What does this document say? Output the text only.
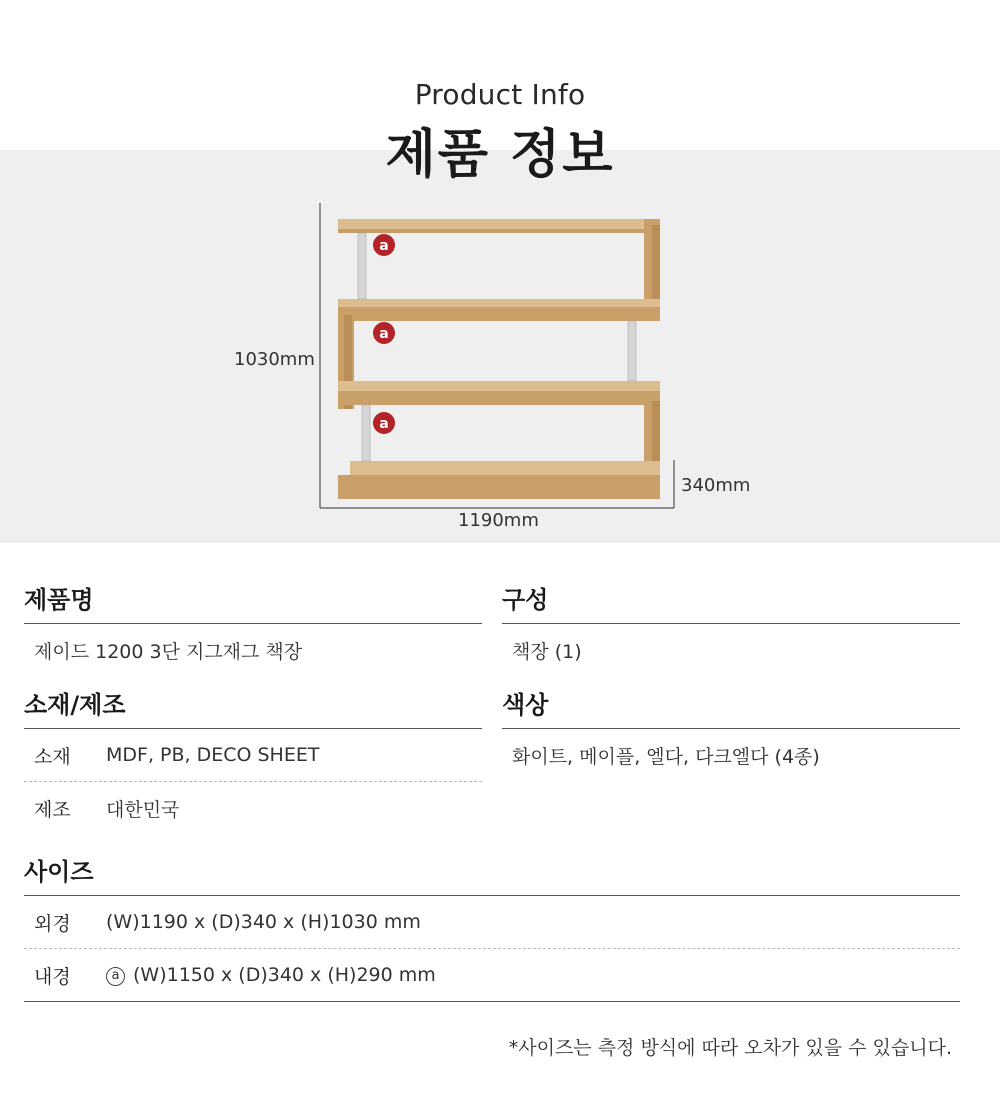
Product Info
제품 정보
a
a
a
1030mm
340mm
1190mm
제품명
제이드 1200 3단 지그재그 책장
소재/제조
소재	MDF, PB, DECO SHEET
제조	대한민국
구성
책장 (1)
색상
화이트, 메이플, 엘다, 다크엘다 (4종)
사이즈
외경	(W)1190 x (D)340 x (H)1030 mm
내경	a (W)1150 x (D)340 x (H)290 mm
*사이즈는 측정 방식에 따라 오차가 있을 수 있습니다.
